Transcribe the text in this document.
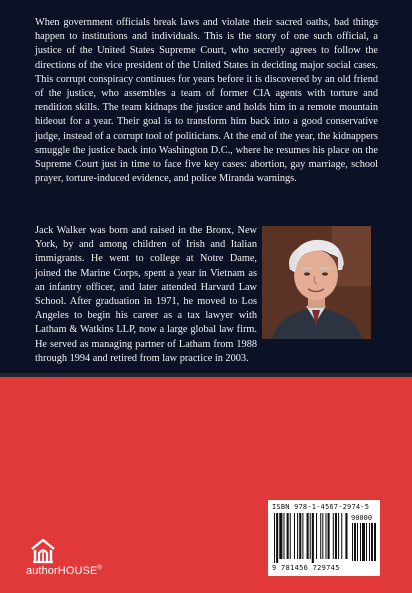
When government officials break laws and violate their sacred oaths, bad things happen to institutions and individuals. This is the story of one such official, a justice of the United States Supreme Court, who secretly agrees to follow the directions of the vice president of the United States in deciding major social cases. This corrupt conspiracy continues for years before it is discovered by an old friend of the justice, who assembles a team of former CIA agents with torture and rendition skills. The team kidnaps the justice and holds him in a remote mountain hideout for a year. Their goal is to transform him back into a good conservative judge, instead of a corrupt tool of politicians. At the end of the year, the kidnappers smuggle the justice back into Washington D.C., where he resumes his place on the Supreme Court just in time to face five key cases: abortion, gay marriage, school prayer, torture-induced evidence, and police Miranda warnings.

Jack Walker was born and raised in the Bronx, New York, by and among children of Irish and Italian immigrants. He went to college at Notre Dame, joined the Marine Corps, spent a year in Vietnam as an infantry officer, and later attended Harvard Law School. After graduation in 1971, he moved to Los Angeles to begin his career as a tax lawyer with Latham & Watkins LLP, now a large global law firm. He served as managing partner of Latham from 1988 through 1994 and retired from law practice in 2003.

ISBN 978-1-4567-2974-5
9 781456 729745
90000
authorHOUSE®
